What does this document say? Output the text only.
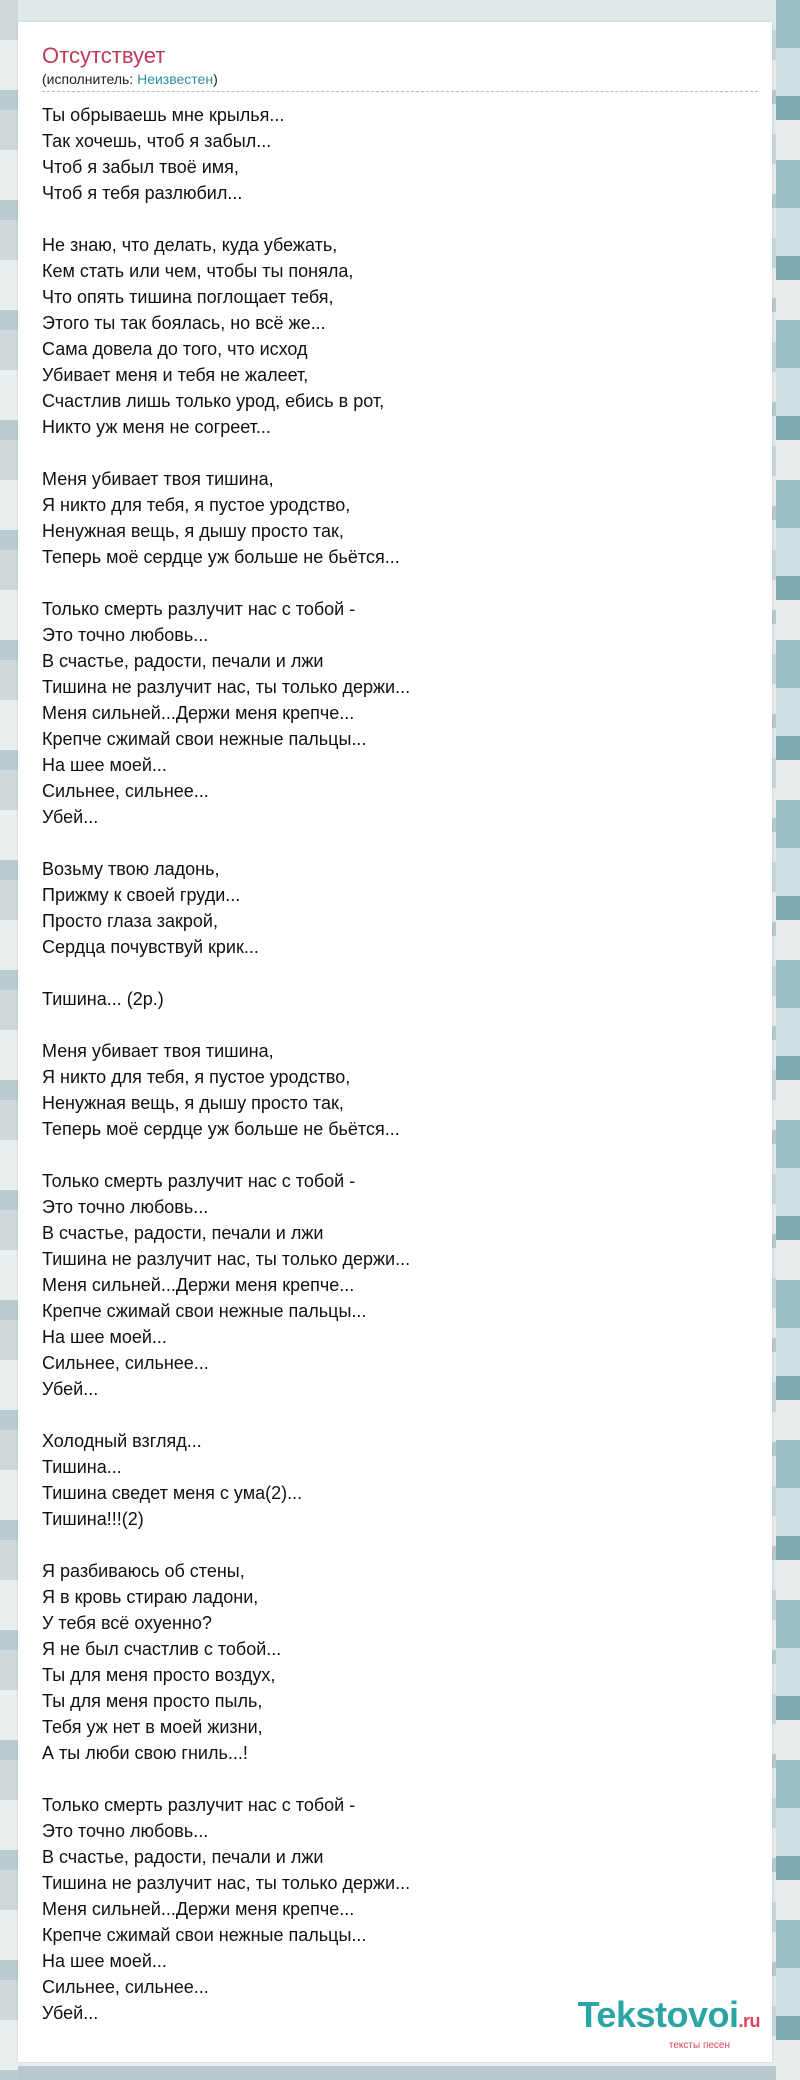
Отсутствует
(исполнитель: Неизвестен)
Ты обрываешь мне крылья...
Так хочешь, чтоб я забыл...
Чтоб я забыл твоё имя,
Чтоб я тебя разлюбил...

Не знаю, что делать, куда убежать,
Кем стать или чем, чтобы ты поняла,
Что опять тишина поглощает тебя,
Этого ты так боялась, но всё же...
Сама довела до того, что исход
Убивает меня и тебя не жалеет,
Счастлив лишь только урод, ебись в рот,
Никто уж меня не согреет...

Меня убивает твоя тишина,
Я никто для тебя, я пустое уродство,
Ненужная вещь, я дышу просто так,
Теперь моё сердце уж больше не бьётся...

Только смерть разлучит нас с тобой -
Это точно любовь...
В счастье, радости, печали и лжи
Тишина не разлучит нас, ты только держи...
Меня сильней...Держи меня крепче...
Крепче сжимай свои нежные пальцы...
На шее моей...
Сильнее, сильнее...
Убей...

Возьму твою ладонь,
Прижму к своей груди...
Просто глаза закрой,
Сердца почувствуй крик...

Тишина... (2р.)

Меня убивает твоя тишина,
Я никто для тебя, я пустое уродство,
Ненужная вещь, я дышу просто так,
Теперь моё сердце уж больше не бьётся...

Только смерть разлучит нас с тобой -
Это точно любовь...
В счастье, радости, печали и лжи
Тишина не разлучит нас, ты только держи...
Меня сильней...Держи меня крепче...
Крепче сжимай свои нежные пальцы...
На шее моей...
Сильнее, сильнее...
Убей...

Холодный взгляд...
Тишина...
Тишина сведет меня с ума(2)...
Тишина!!!(2)

Я разбиваюсь об стены,
Я в кровь стираю ладони,
У тебя всё охуенно?
Я не был счастлив с тобой...
Ты для меня просто воздух,
Ты для меня просто пыль,
Тебя уж нет в моей жизни,
А ты люби свою гниль...!

Только смерть разлучит нас с тобой -
Это точно любовь...
В счастье, радости, печали и лжи
Тишина не разлучит нас, ты только держи...
Меня сильней...Держи меня крепче...
Крепче сжимай свои нежные пальцы...
На шее моей...
Сильнее, сильнее...
Убей...	Tekstovoi.ru
тексты песен
